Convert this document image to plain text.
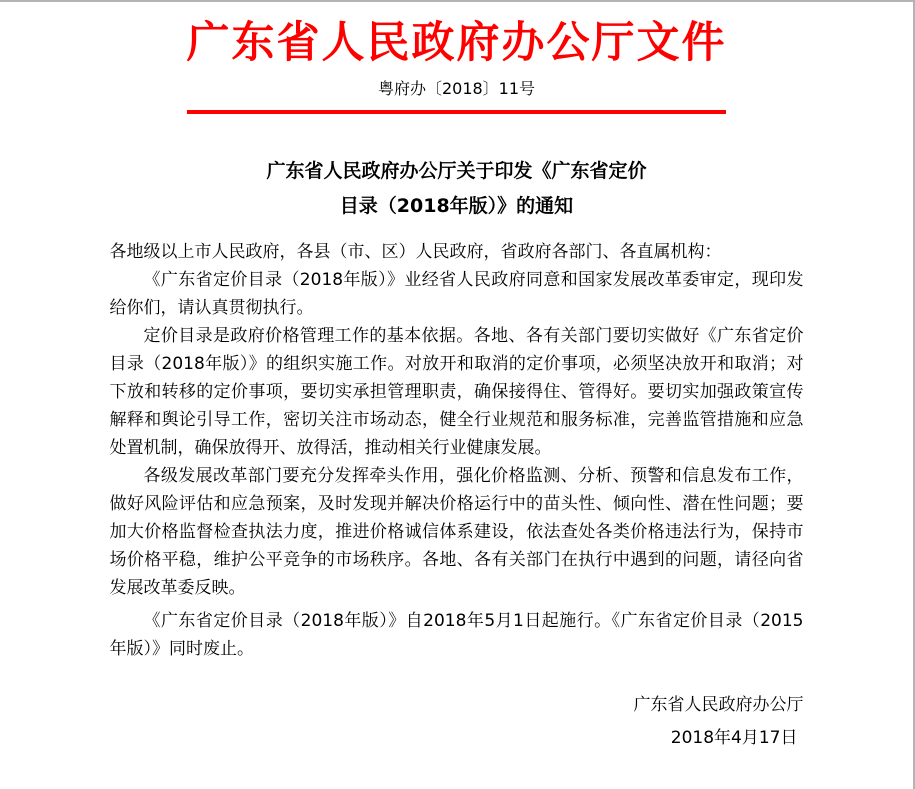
广东省人民政府办公厅文件
粤府办〔2018〕11号
广东省人民政府办公厅关于印发《广东省定价
目录（2018年版）》的通知

各地级以上市人民政府，各县（市、区）人民政府，省政府各部门、各直属机构：

《广东省定价目录（2018年版）》业经省人民政府同意和国家发展改革委审定，现印发给你们，请认真贯彻执行。

定价目录是政府价格管理工作的基本依据。各地、各有关部门要切实做好《广东省定价目录（2018年版）》的组织实施工作。对放开和取消的定价事项，必须坚决放开和取消；对下放和转移的定价事项，要切实承担管理职责，确保接得住、管得好。要切实加强政策宣传解释和舆论引导工作，密切关注市场动态，健全行业规范和服务标准，完善监管措施和应急处置机制，确保放得开、放得活，推动相关行业健康发展。

各级发展改革部门要充分发挥牵头作用，强化价格监测、分析、预警和信息发布工作，做好风险评估和应急预案，及时发现并解决价格运行中的苗头性、倾向性、潜在性问题；要加大价格监督检查执法力度，推进价格诚信体系建设，依法查处各类价格违法行为，保持市场价格平稳，维护公平竞争的市场秩序。各地、各有关部门在执行中遇到的问题，请径向省发展改革委反映。

《广东省定价目录（2018年版）》自2018年5月1日起施行。《广东省定价目录（2015年版）》同时废止。

广东省人民政府办公厅
2018年4月17日
